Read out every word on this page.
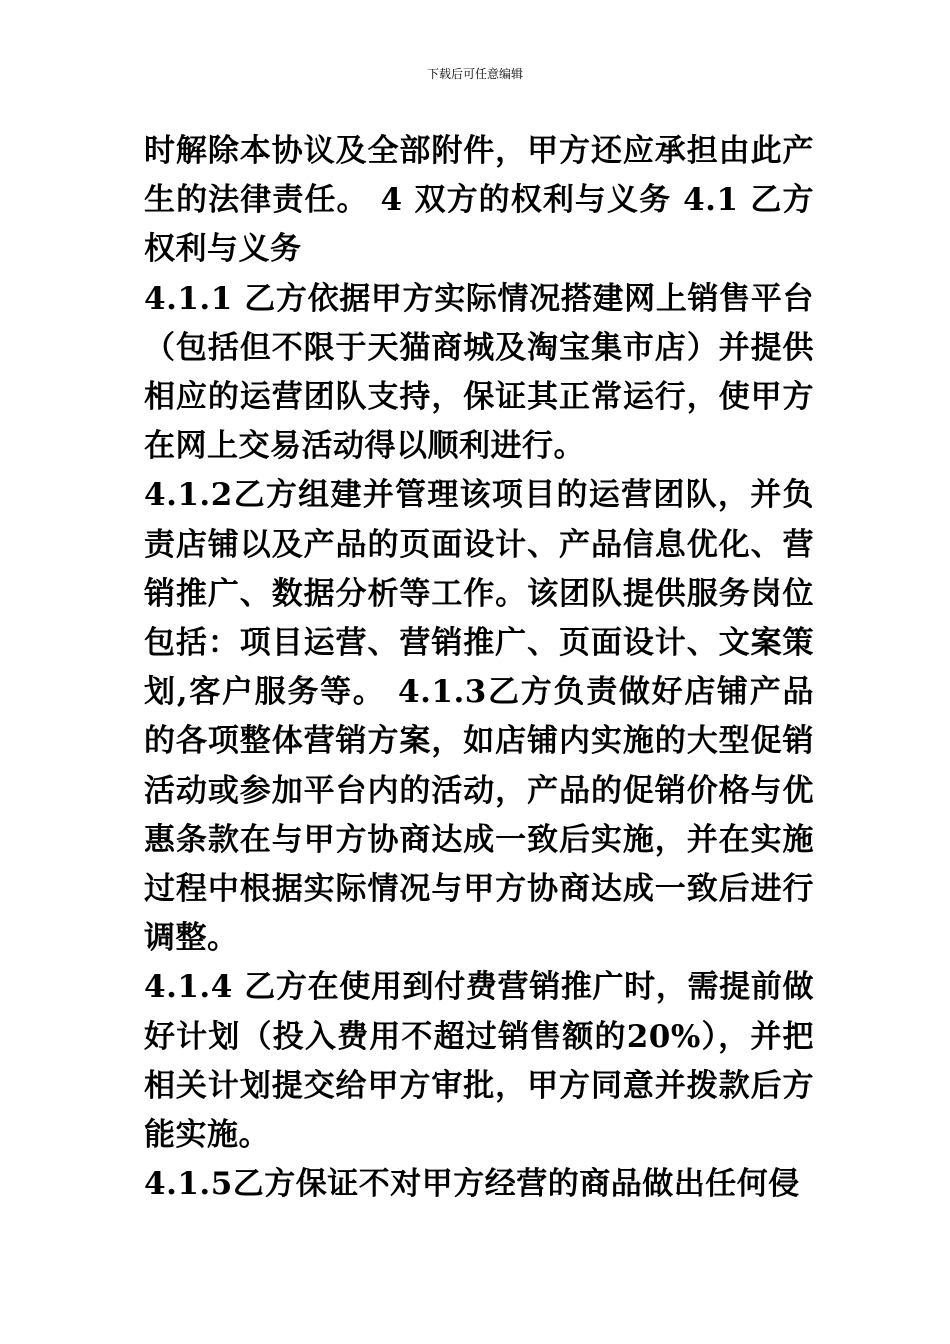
下载后可任意编辑

时解除本协议及全部附件，甲方还应承担由此产生的法律责任。 4 双方的权利与义务 4.1 乙方权利与义务

4.1.1 乙方依据甲方实际情况搭建网上销售平台（包括但不限于天猫商城及淘宝集市店）并提供相应的运营团队支持，保证其正常运行，使甲方在网上交易活动得以顺利进行。

4.1.2乙方组建并管理该项目的运营团队，并负责店铺以及产品的页面设计、产品信息优化、营销推广、数据分析等工作。该团队提供服务岗位包括：项目运营、营销推广、页面设计、文案策划,客户服务等。 4.1.3乙方负责做好店铺产品的各项整体营销方案，如店铺内实施的大型促销活动或参加平台内的活动，产品的促销价格与优惠条款在与甲方协商达成一致后实施，并在实施过程中根据实际情况与甲方协商达成一致后进行调整。

4.1.4 乙方在使用到付费营销推广时，需提前做好计划（投入费用不超过销售额的20%），并把相关计划提交给甲方审批，甲方同意并拨款后方能实施。

4.1.5乙方保证不对甲方经营的商品做出任何侵
